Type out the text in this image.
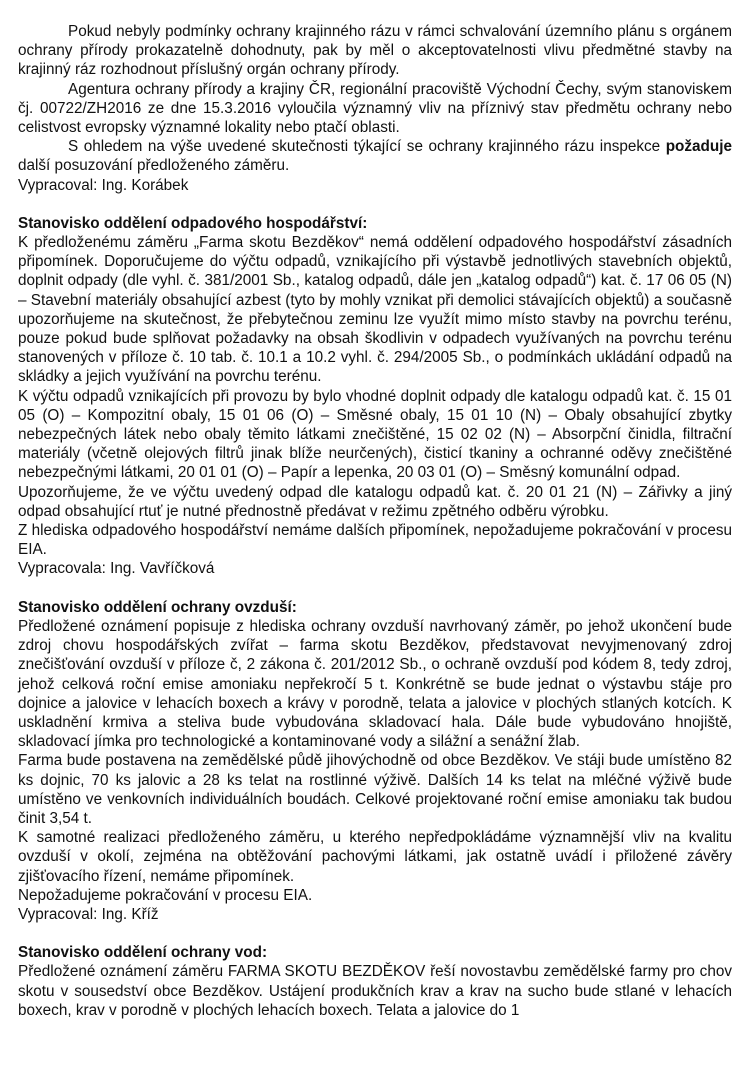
Pokud nebyly podmínky ochrany krajinného rázu v rámci schvalování územního plánu s orgánem ochrany přírody prokazatelně dohodnuty, pak by měl o akceptovatelnosti vlivu předmětné stavby na krajinný ráz rozhodnout příslušný orgán ochrany přírody.

Agentura ochrany přírody a krajiny ČR, regionální pracoviště Východní Čechy, svým stanoviskem čj. 00722/ZH2016 ze dne 15.3.2016 vyloučila významný vliv na příznivý stav předmětu ochrany nebo celistvost evropsky významné lokality nebo ptačí oblasti.

S ohledem na výše uvedené skutečnosti týkající se ochrany krajinného rázu inspekce požaduje další posuzování předloženého záměru.

Vypracoval: Ing. Korábek

Stanovisko oddělení odpadového hospodářství:

K předloženému záměru „Farma skotu Bezděkov“ nemá oddělení odpadového hospodářství zásadních připomínek. Doporučujeme do výčtu odpadů, vznikajícího při výstavbě jednotlivých stavebních objektů, doplnit odpady (dle vyhl. č. 381/2001 Sb., katalog odpadů, dále jen „katalog odpadů“) kat. č. 17 06 05 (N) – Stavební materiály obsahující azbest (tyto by mohly vznikat při demolici stávajících objektů) a současně upozorňujeme na skutečnost, že přebytečnou zeminu lze využít mimo místo stavby na povrchu terénu, pouze pokud bude splňovat požadavky na obsah škodlivin v odpadech využívaných na povrchu terénu stanovených v příloze č. 10 tab. č. 10.1 a 10.2 vyhl. č. 294/2005 Sb., o podmínkách ukládání odpadů na skládky a jejich využívání na povrchu terénu.

K výčtu odpadů vznikajících při provozu by bylo vhodné doplnit odpady dle katalogu odpadů kat. č. 15 01 05 (O) – Kompozitní obaly, 15 01 06 (O) – Směsné obaly, 15 01 10 (N) – Obaly obsahující zbytky nebezpečných látek nebo obaly těmito látkami znečištěné, 15 02 02 (N) – Absorpční činidla, filtrační materiály (včetně olejových filtrů jinak blíže neurčených), čisticí tkaniny a ochranné oděvy znečištěné nebezpečnými látkami, 20 01 01 (O) – Papír a lepenka, 20 03 01 (O) – Směsný komunální odpad.

Upozorňujeme, že ve výčtu uvedený odpad dle katalogu odpadů kat. č. 20 01 21 (N) – Zářivky a jiný odpad obsahující rtuť je nutné přednostně předávat v režimu zpětného odběru výrobku.

Z hlediska odpadového hospodářství nemáme dalších připomínek, nepožadujeme pokračování v procesu EIA.

Vypracovala: Ing. Vavříčková

Stanovisko oddělení ochrany ovzduší:

Předložené oznámení popisuje z hlediska ochrany ovzduší navrhovaný záměr, po jehož ukončení bude zdroj chovu hospodářských zvířat – farma skotu Bezděkov, představovat nevyjmenovaný zdroj znečišťování ovzduší v příloze č, 2 zákona č. 201/2012 Sb., o ochraně ovzduší pod kódem 8, tedy zdroj, jehož celková roční emise amoniaku nepřekročí 5 t. Konkrétně se bude jednat o výstavbu stáje pro dojnice a jalovice v lehacích boxech a krávy v porodně, telata a jalovice v plochých stlaných kotcích. K uskladnění krmiva a steliva bude vybudována skladovací hala. Dále bude vybudováno hnojiště, skladovací jímka pro technologické a kontaminované vody a silážní a senážní žlab.

Farma bude postavena na zemědělské půdě jihovýchodně od obce Bezděkov. Ve stáji bude umístěno 82 ks dojnic, 70 ks jalovic a 28 ks telat na rostlinné výživě. Dalších 14 ks telat na mléčné výživě bude umístěno ve venkovních individuálních boudách. Celkové projektované roční emise amoniaku tak budou činit 3,54 t.

K samotné realizaci předloženého záměru, u kterého nepředpokládáme významnější vliv na kvalitu ovzduší v okolí, zejména na obtěžování pachovými látkami, jak ostatně uvádí i přiložené závěry zjišťovacího řízení, nemáme připomínek.

Nepožadujeme pokračování v procesu EIA.

Vypracoval: Ing. Kříž

Stanovisko oddělení ochrany vod:

Předložené oznámení záměru FARMA SKOTU BEZDĚKOV řeší novostavbu zemědělské farmy pro chov skotu v sousedství obce Bezděkov. Ustájení produkčních krav a krav na sucho bude stlané v lehacích boxech, krav v porodně v plochých lehacích boxech. Telata a jalovice do 1
